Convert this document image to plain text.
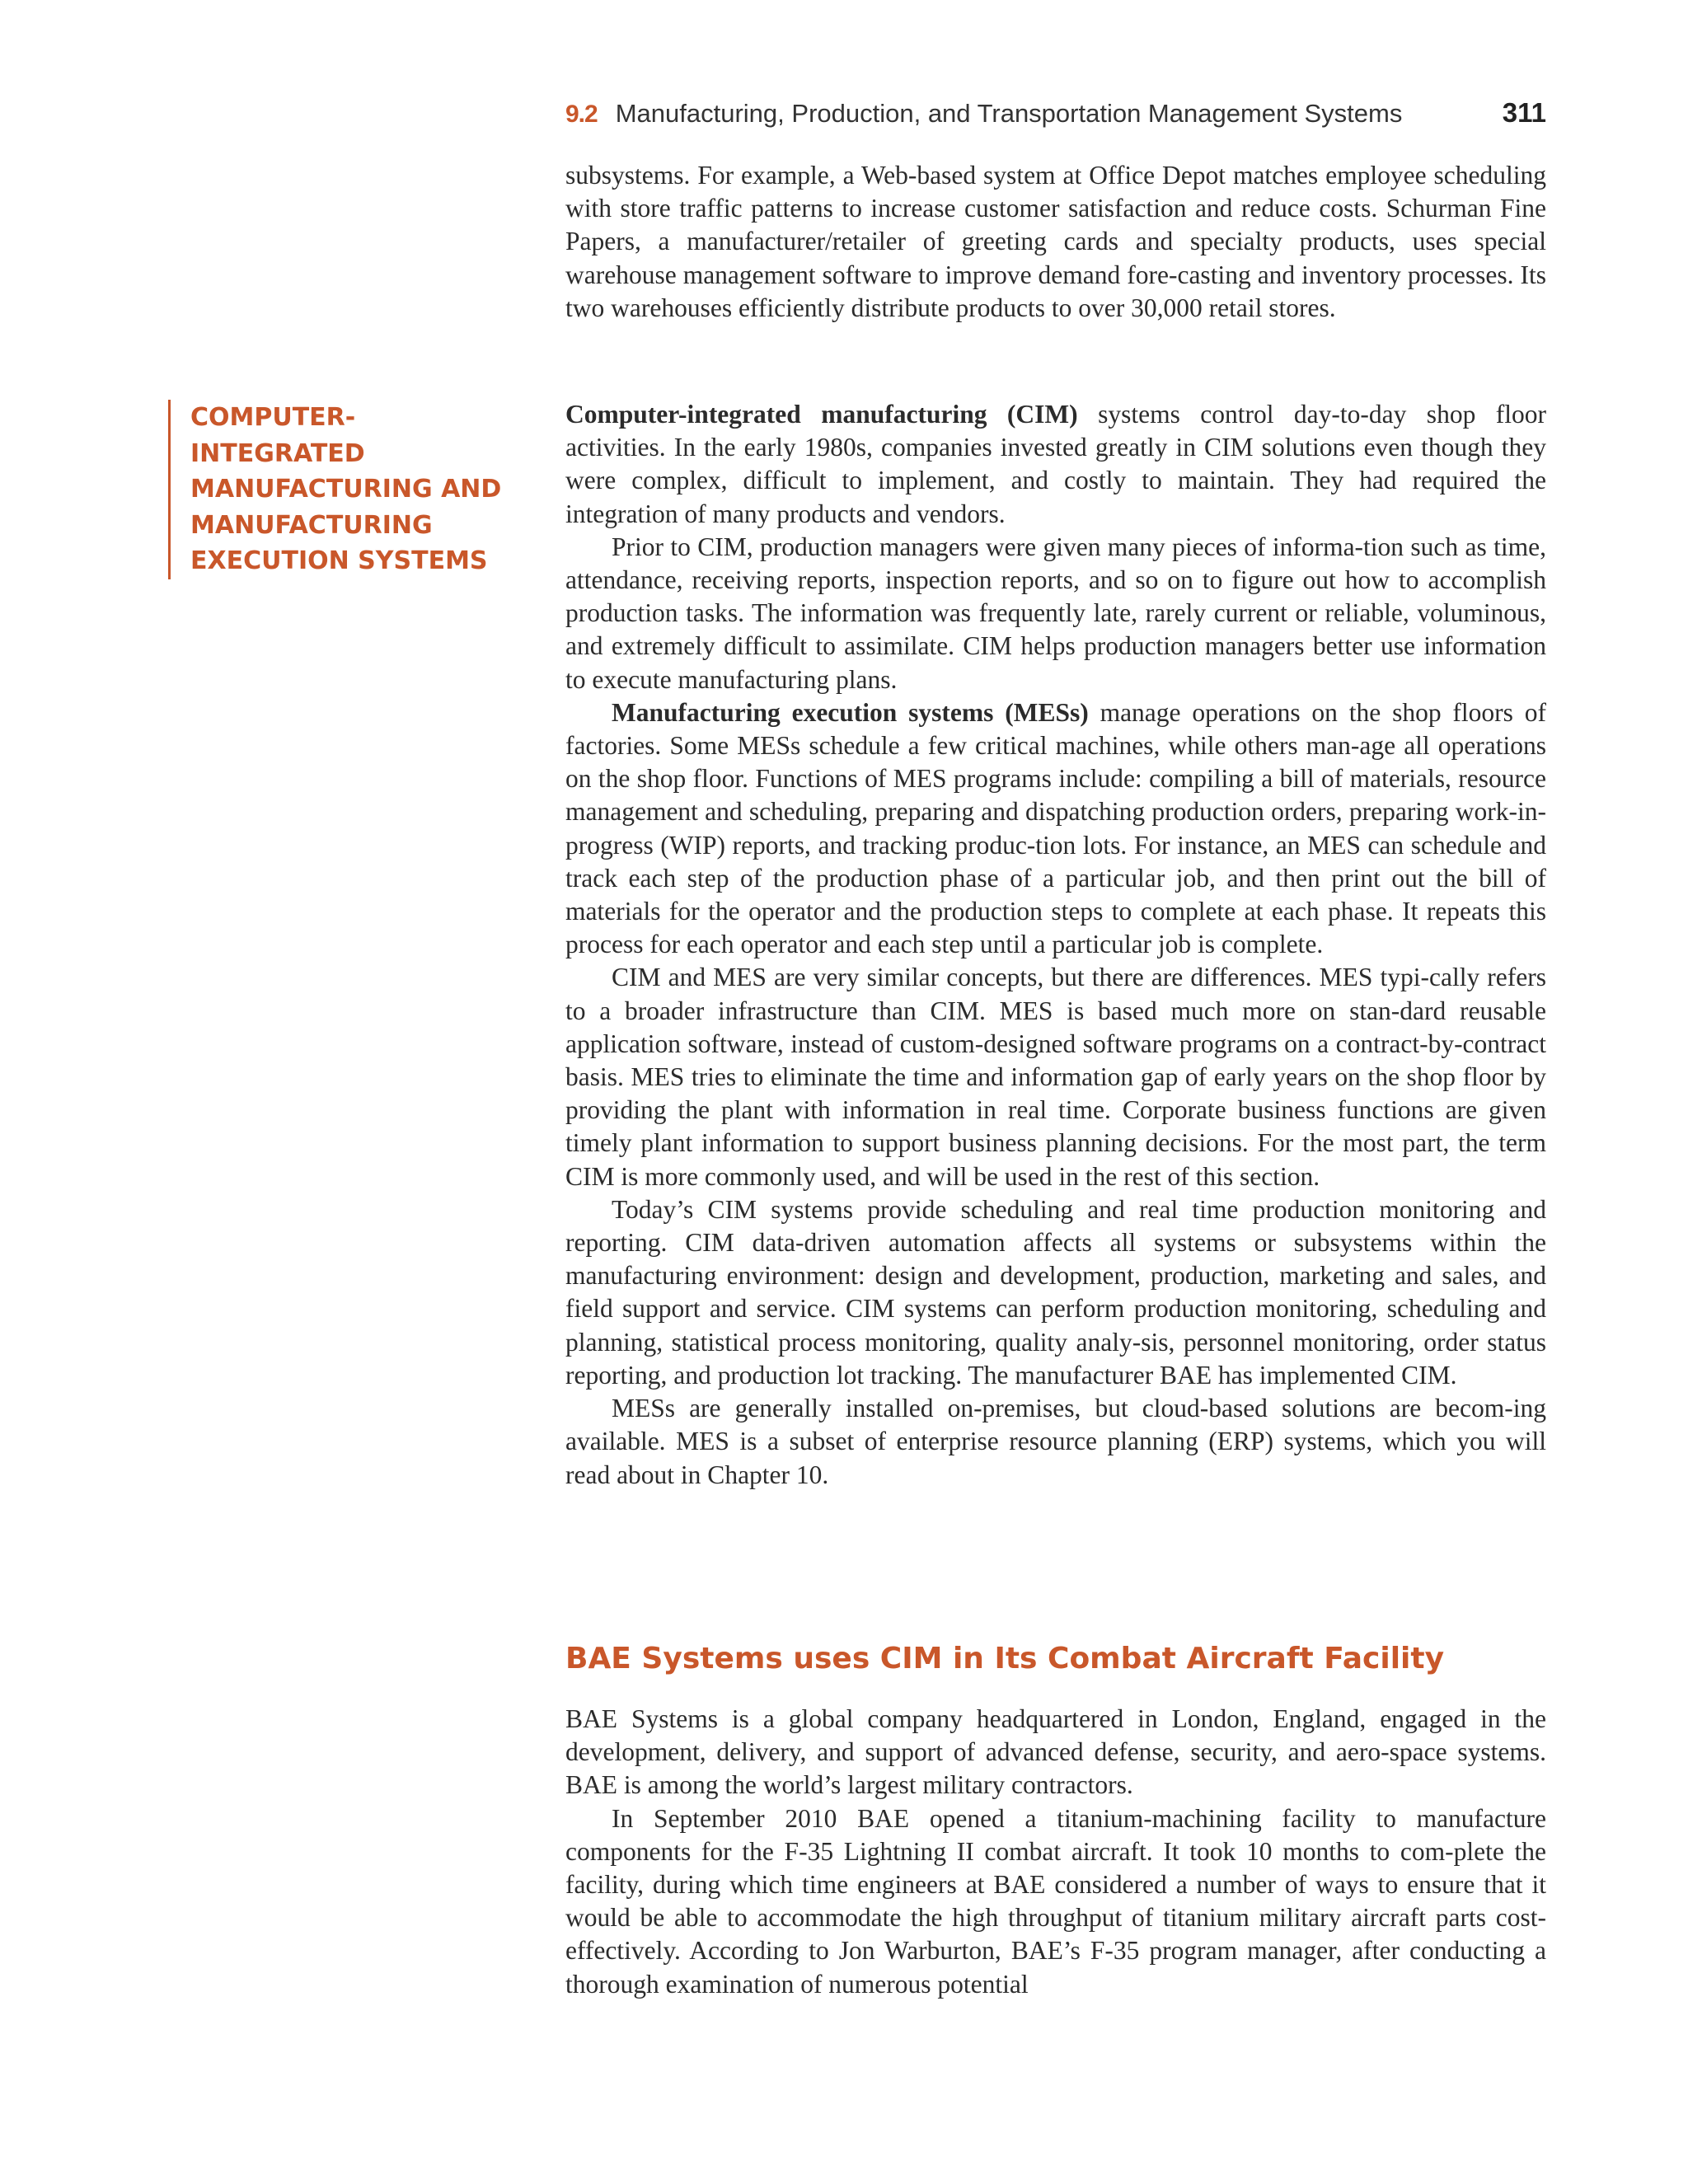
9.2 Manufacturing, Production, and Transportation Management Systems	311

subsystems. For example, a Web-based system at Office Depot matches employee scheduling with store traffic patterns to increase customer satisfaction and reduce costs. Schurman Fine Papers, a manufacturer/retailer of greeting cards and specialty products, uses special warehouse management software to improve demand fore-casting and inventory processes. Its two warehouses efficiently distribute products to over 30,000 retail stores.

COMPUTER-
INTEGRATED
MANUFACTURING AND
MANUFACTURING
EXECUTION SYSTEMS

Computer-integrated manufacturing (CIM) systems control day-to-day shop floor activities. In the early 1980s, companies invested greatly in CIM solutions even though they were complex, difficult to implement, and costly to maintain. They had required the integration of many products and vendors.

Prior to CIM, production managers were given many pieces of informa-tion such as time, attendance, receiving reports, inspection reports, and so on to figure out how to accomplish production tasks. The information was frequently late, rarely current or reliable, voluminous, and extremely difficult to assimilate. CIM helps production managers better use information to execute manufacturing plans.

Manufacturing execution systems (MESs) manage operations on the shop floors of factories. Some MESs schedule a few critical machines, while others man-age all operations on the shop floor. Functions of MES programs include: compiling a bill of materials, resource management and scheduling, preparing and dispatching production orders, preparing work-in-progress (WIP) reports, and tracking produc-tion lots. For instance, an MES can schedule and track each step of the production phase of a particular job, and then print out the bill of materials for the operator and the production steps to complete at each phase. It repeats this process for each operator and each step until a particular job is complete.

CIM and MES are very similar concepts, but there are differences. MES typi-cally refers to a broader infrastructure than CIM. MES is based much more on stan-dard reusable application software, instead of custom-designed software programs on a contract-by-contract basis. MES tries to eliminate the time and information gap of early years on the shop floor by providing the plant with information in real time. Corporate business functions are given timely plant information to support business planning decisions. For the most part, the term CIM is more commonly used, and will be used in the rest of this section.

Today’s CIM systems provide scheduling and real time production monitoring and reporting. CIM data-driven automation affects all systems or subsystems within the manufacturing environment: design and development, production, marketing and sales, and field support and service. CIM systems can perform production monitoring, scheduling and planning, statistical process monitoring, quality analy-sis, personnel monitoring, order status reporting, and production lot tracking. The manufacturer BAE has implemented CIM.

MESs are generally installed on-premises, but cloud-based solutions are becom-ing available. MES is a subset of enterprise resource planning (ERP) systems, which you will read about in Chapter 10.

BAE Systems uses CIM in Its Combat Aircraft Facility

BAE Systems is a global company headquartered in London, England, engaged in the development, delivery, and support of advanced defense, security, and aero-space systems. BAE is among the world’s largest military contractors.

In September 2010 BAE opened a titanium-machining facility to manufacture components for the F-35 Lightning II combat aircraft. It took 10 months to com-plete the facility, during which time engineers at BAE considered a number of ways to ensure that it would be able to accommodate the high throughput of titanium military aircraft parts cost-effectively. According to Jon Warburton, BAE’s F-35 program manager, after conducting a thorough examination of numerous potential
